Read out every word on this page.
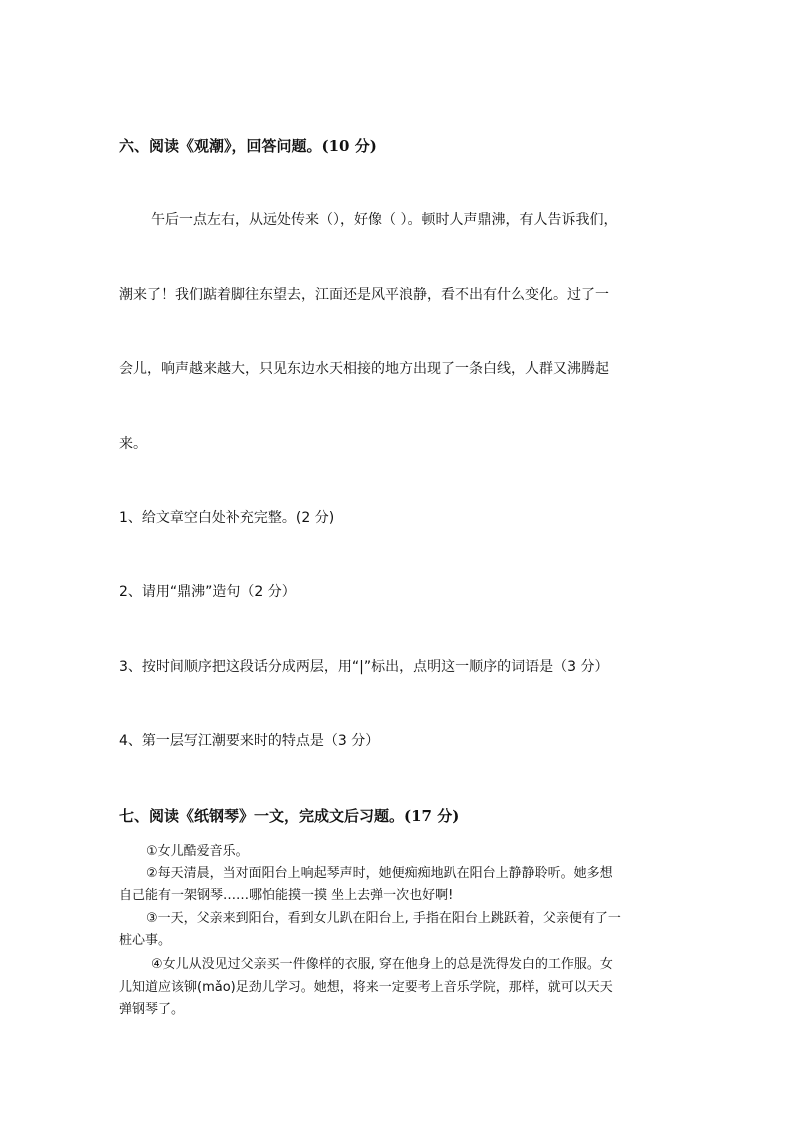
六、阅读《观潮》，回答问题。(10 分)
午后一点左右，从远处传来（），好像（ ）。顿时人声鼎沸，有人告诉我们，
潮来了！我们踮着脚往东望去，江面还是风平浪静，看不出有什么变化。过了一
会儿，响声越来越大，只见东边水天相接的地方出现了一条白线，人群又沸腾起
来。
1、给文章空白处补充完整。(2 分)
2、请用“鼎沸”造句（2 分）
3、按时间顺序把这段话分成两层，用“|”标出，点明这一顺序的词语是（3 分）
4、第一层写江潮要来时的特点是（3 分）
七、阅读《纸钢琴》一文，完成文后习题。(17 分)
①女儿酷爱音乐。
②每天清晨，当对面阳台上响起琴声时，她便痴痴地趴在阳台上静静聆听。她多想
自己能有一架钢琴……哪怕能摸一摸 坐上去弹一次也好啊!
③一天，父亲来到阳台，看到女儿趴在阳台上, 手指在阳台上跳跃着，父亲便有了一
桩心事。
④女儿从没见过父亲买一件像样的衣服, 穿在他身上的总是洗得发白的工作服。女
儿知道应该铆(mǎo)足劲儿学习。她想，将来一定要考上音乐学院，那样，就可以天天
弹钢琴了。
